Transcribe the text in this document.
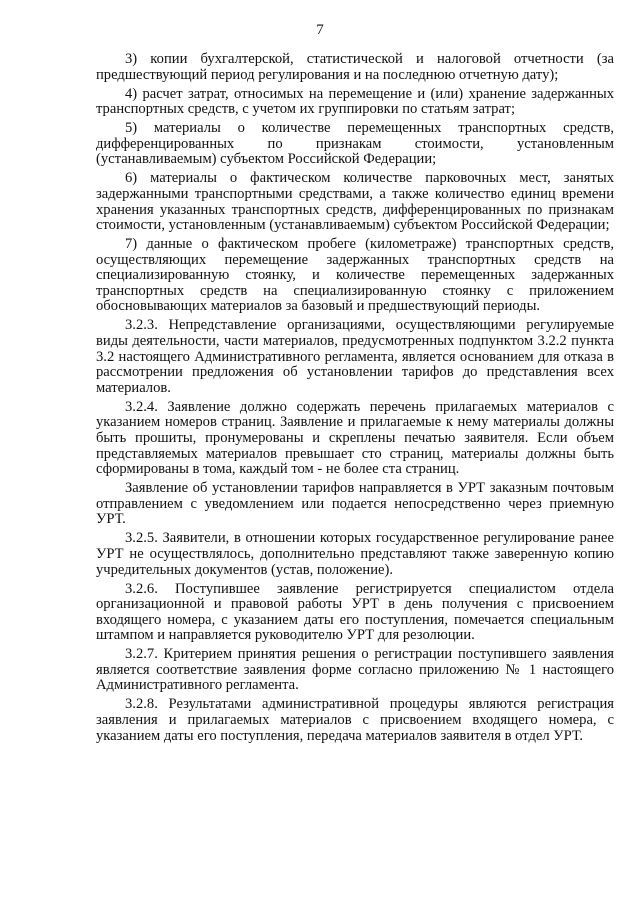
7

3) копии бухгалтерской, статистической и налоговой отчетности (за предшествующий период регулирования и на последнюю отчетную дату);

4) расчет затрат, относимых на перемещение и (или) хранение задержанных транспортных средств, с учетом их группировки по статьям затрат;

5) материалы о количестве перемещенных транспортных средств, дифференцированных по признакам стоимости, установленным (устанавливаемым) субъектом Российской Федерации;

6) материалы о фактическом количестве парковочных мест, занятых задержанными транспортными средствами, а также количество единиц времени хранения указанных транспортных средств, дифференцированных по признакам стоимости, установленным (устанавливаемым) субъектом Российской Федерации;

7) данные о фактическом пробеге (километраже) транспортных средств, осуществляющих перемещение задержанных транспортных средств на специализированную стоянку, и количестве перемещенных задержанных транспортных средств на специализированную стоянку с приложением обосновывающих материалов за базовый и предшествующий периоды.

3.2.3. Непредставление организациями, осуществляющими регулируемые виды деятельности, части материалов, предусмотренных подпунктом 3.2.2 пункта 3.2 настоящего Административного регламента, является основанием для отказа в рассмотрении предложения об установлении тарифов до представления всех материалов.

3.2.4. Заявление должно содержать перечень прилагаемых материалов с указанием номеров страниц. Заявление и прилагаемые к нему материалы должны быть прошиты, пронумерованы и скреплены печатью заявителя. Если объем представляемых материалов превышает сто страниц, материалы должны быть сформированы в тома, каждый том - не более ста страниц.

Заявление об установлении тарифов направляется в УРТ заказным почтовым отправлением с уведомлением или подается непосредственно через приемную УРТ.

3.2.5. Заявители, в отношении которых государственное регулирование ранее УРТ не осуществлялось, дополнительно представляют также заверенную копию учредительных документов (устав, положение).

3.2.6. Поступившее заявление регистрируется специалистом отдела организационной и правовой работы УРТ в день получения с присвоением входящего номера, с указанием даты его поступления, помечается специальным штампом и направляется руководителю УРТ для резолюции.

3.2.7. Критерием принятия решения о регистрации поступившего заявления является соответствие заявления форме согласно приложению № 1 настоящего Административного регламента.

3.2.8. Результатами административной процедуры являются регистрация заявления и прилагаемых материалов с присвоением входящего номера, с указанием даты его поступления, передача материалов заявителя в отдел УРТ.
